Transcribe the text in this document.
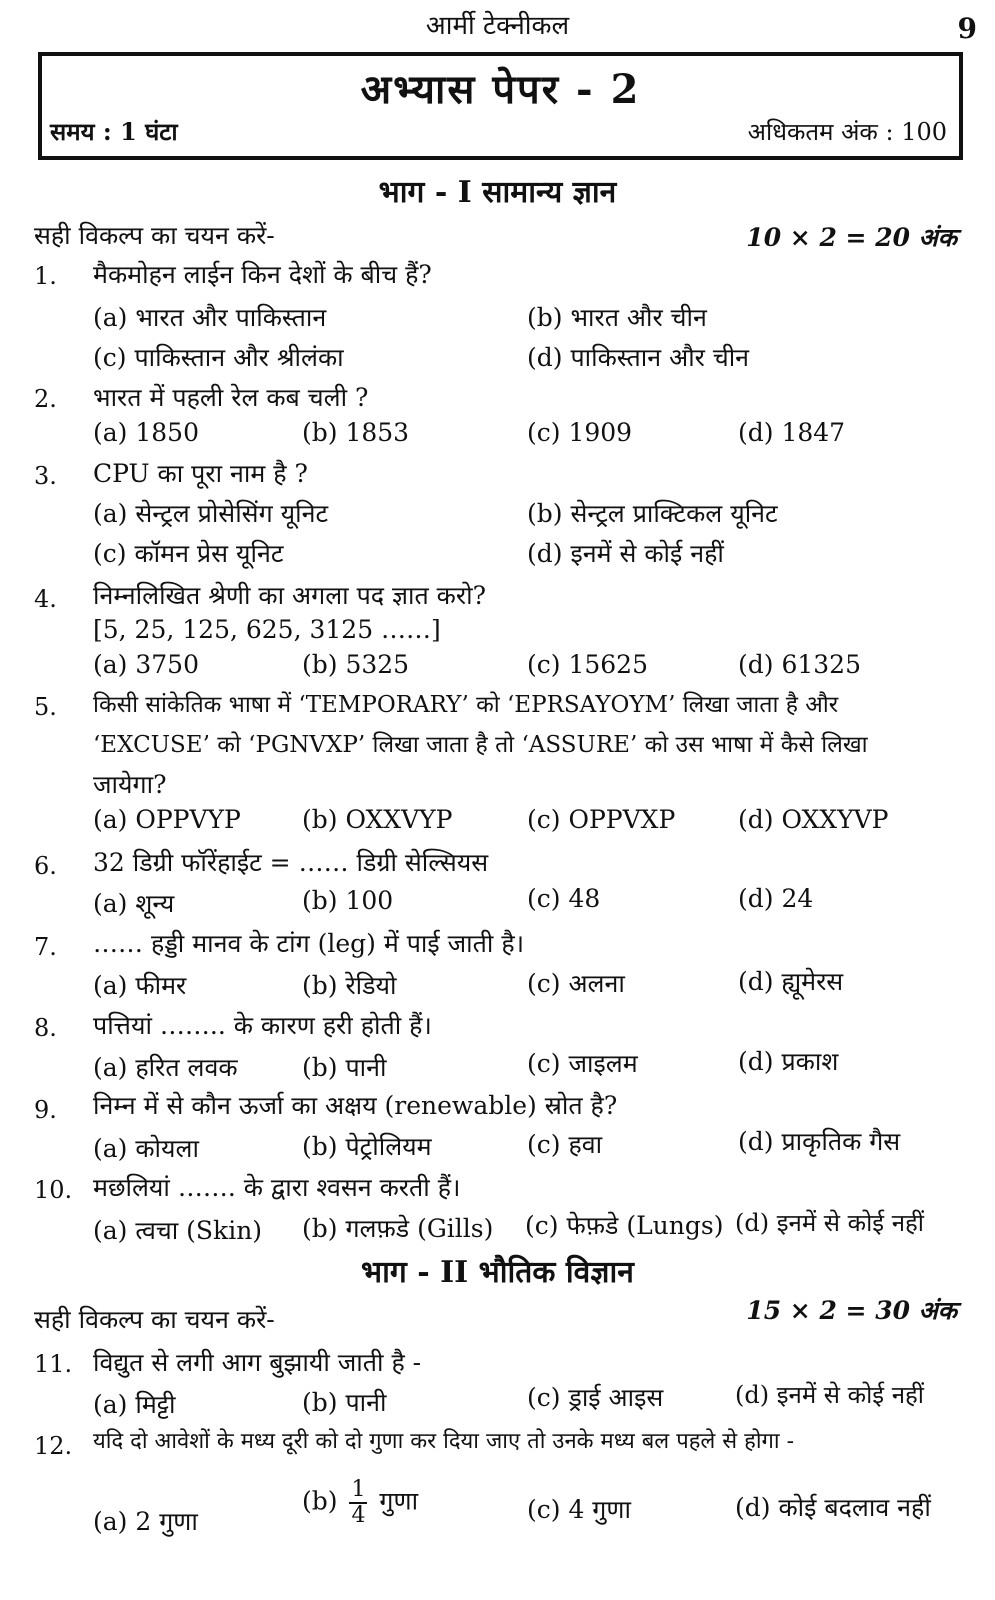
आर्मी टेक्नीकल	9
अभ्यास पेपर - 2
समय : 1 घंटा	अधिकतम अंक : 100
भाग - I सामान्य ज्ञान
सही विकल्प का चयन करें-	10 × 2 = 20 अंक
1. मैकमोहन लाईन किन देशों के बीच हैं?
(a) भारत और पाकिस्तान	(b) भारत और चीन
(c) पाकिस्तान और श्रीलंका	(d) पाकिस्तान और चीन
2. भारत में पहली रेल कब चली ?
(a) 1850	(b) 1853	(c) 1909	(d) 1847
3. CPU का पूरा नाम है ?
(a) सेन्ट्रल प्रोसेसिंग यूनिट	(b) सेन्ट्रल प्राक्टिकल यूनिट
(c) कॉमन प्रेस यूनिट	(d) इनमें से कोई नहीं
4. निम्नलिखित श्रेणी का अगला पद ज्ञात करो?
[5, 25, 125, 625, 3125 ……]
(a) 3750	(b) 5325	(c) 15625	(d) 61325
5. किसी सांकेतिक भाषा में ‘TEMPORARY’ को ‘EPRSAYOYM’ लिखा जाता है और
‘EXCUSE’ को ‘PGNVXP’ लिखा जाता है तो ‘ASSURE’ को उस भाषा में कैसे लिखा
जायेगा?
(a) OPPVYP (b) OXXVYP	(c) OPPVXP	(d) OXXYVP
6. 32 डिग्री फॉरेंहाईट = …… डिग्री सेल्सियस
(a) शून्य	(b) 100	(c) 48	(d) 24
7. …… हड्डी मानव के टांग (leg) में पाई जाती है।
(a) फीमर	(b) रेडियो	(c) अलना	(d) ह्यूमेरस
8. पत्तियां …….. के कारण हरी होती हैं।
(a) हरित लवक	(b) पानी	(c) जाइलम	(d) प्रकाश
9. निम्न में से कौन ऊर्जा का अक्षय (renewable) स्रोत है?
(a) कोयला	(b) पेट्रोलियम	(c) हवा	(d) प्राकृतिक गैस
10. मछलियां ……. के द्वारा श्वसन करती हैं।
(a) त्वचा (Skin) (b) गलफ़डे (Gills) (c) फेफ़डे (Lungs) (d) इनमें से कोई नहीं
भाग - II भौतिक विज्ञान
सही विकल्प का चयन करें-	15 × 2 = 30 अंक
11. विद्युत से लगी आग बुझायी जाती है -
(a) मिट्टी	(b) पानी	(c) ड्राई आइस	(d) इनमें से कोई नहीं
12. यदि दो आवेशों के मध्य दूरी को दो गुणा कर दिया जाए तो उनके मध्य बल पहले से होगा -
(a) 2 गुणा
$(b) \frac{1}{4}$ गुणा	(c) 4 गुणा	(d) कोई बदलाव नहीं
